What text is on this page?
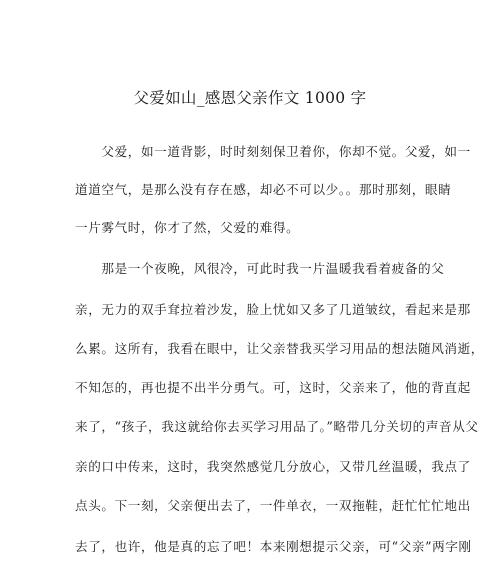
父爱如山_感恩父亲作文 1000 字
　　父爱，如一道背影，时时刻刻保卫着你，你却不觉。父爱，如一
道道空气，是那么没有存在感，却必不可以少。。那时那刻，眼睛
一片雾气时，你才了然，父爱的难得。
　　那是一个夜晚，风很冷，可此时我一片温暖我看着疲备的父
亲，无力的双手耷拉着沙发，脸上忧如又多了几道皱纹，看起来是那
么累。这所有，我看在眼中，让父亲替我买学习用品的想法随风消逝，
不知怎的，再也提不出半分勇气。可，这时，父亲来了，他的背直起
来了，“孩子，我这就给你去买学习用品了。”略带几分关切的声音从父
亲的口中传来，这时，我突然感觉几分放心，又带几丝温暖，我点了
点头。下一刻，父亲便出去了，一件单衣，一双拖鞋，赶忙忙忙地出
去了，也许，他是真的忘了吧！本来刚想提示父亲，可“父亲”两字刚
